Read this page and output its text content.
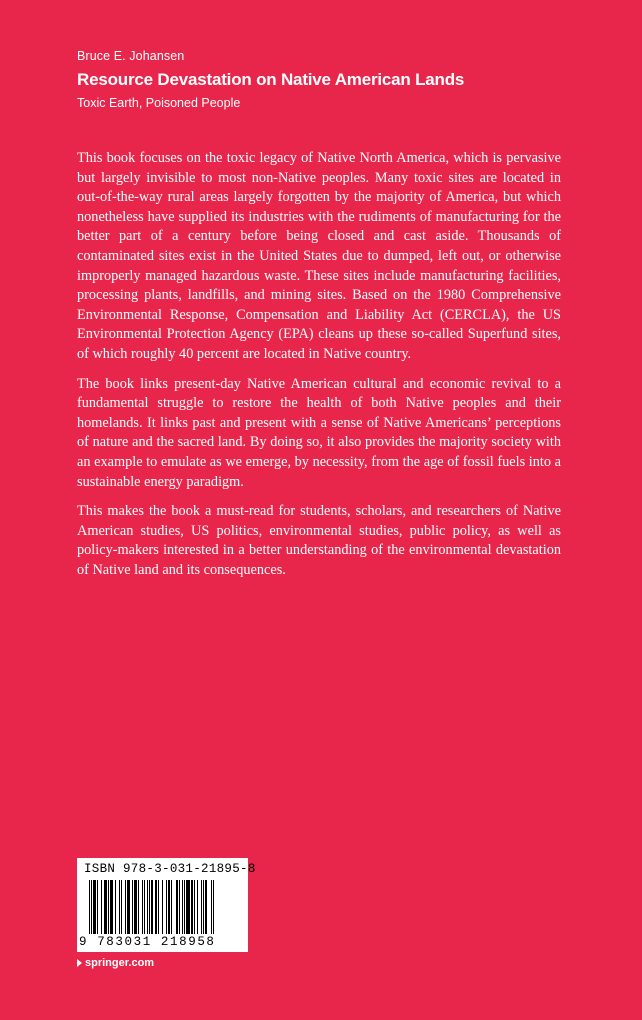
Bruce E. Johansen
Resource Devastation on Native American Lands
Toxic Earth, Poisoned People

This book focuses on the toxic legacy of Native North America, which is pervasive but largely invisible to most non-Native peoples. Many toxic sites are located in out-of-the-way rural areas largely forgotten by the majority of America, but which nonetheless have supplied its industries with the rudiments of manufacturing for the better part of a century before being closed and cast aside. Thousands of contaminated sites exist in the United States due to dumped, left out, or otherwise improperly managed hazardous waste. These sites include manufacturing facilities, processing plants, landfills, and mining sites. Based on the 1980 Comprehensive Environmental Response, Compensation and Liability Act (CERCLA), the US Environmental Protection Agency (EPA) cleans up these so-called Superfund sites, of which roughly 40 percent are located in Native country.

The book links present-day Native American cultural and economic revival to a fundamental struggle to restore the health of both Native peoples and their homelands. It links past and present with a sense of Native Americans’ perceptions of nature and the sacred land. By doing so, it also provides the majority society with an example to emulate as we emerge, by necessity, from the age of fossil fuels into a sustainable energy paradigm.

This makes the book a must-read for students, scholars, and researchers of Native American studies, US politics, environmental studies, public policy, as well as policy-makers interested in a better understanding of the environmental devastation of Native land and its consequences.

ISBN 978-3-031-21895-8
9 783031 218958
springer.com
